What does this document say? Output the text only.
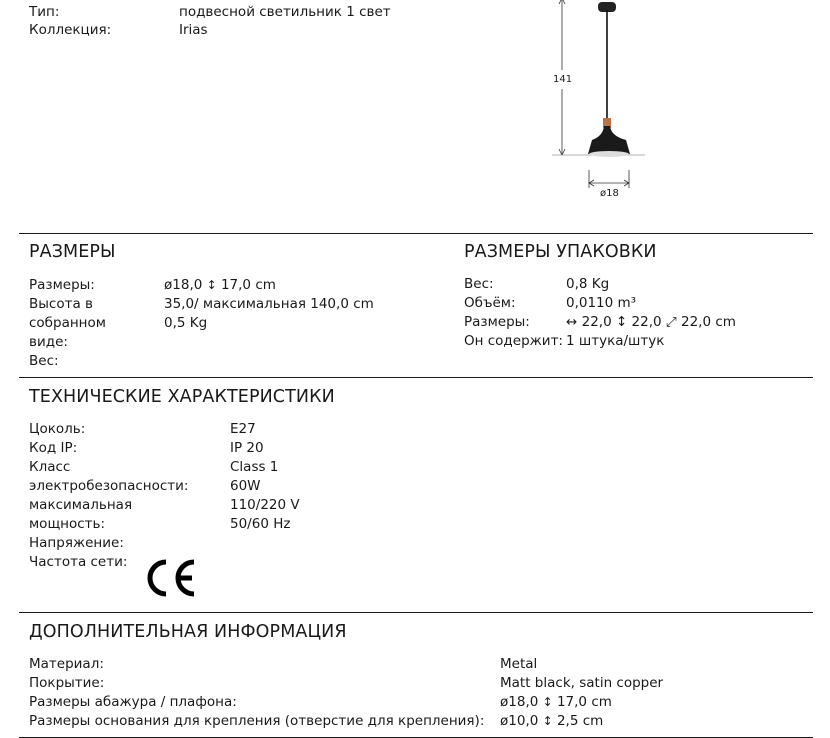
Тип:	подвесной светильник 1 свет
Коллекция:	Irias
141
ø18
РАЗМЕРЫ
Размеры:
Высота в
собранном
виде:
Вес:
ø18,0 ↕ 17,0 cm
35,0/ максимальная 140,0 cm
0,5 Kg
РАЗМЕРЫ УПАКОВКИ
Вес:
Объём:
Размеры:
Он содержит:
0,8 Kg
0,0110 m³
↔ 22,0 ↕ 22,0 ⤢ 22,0 cm
1 штука/штук
ТЕХНИЧЕСКИЕ ХАРАКТЕРИСТИКИ
Цоколь:
Код IP:
Класс
электробезопасности:
максимальная
мощность:
Напряжение:
Частота сети:
E27
IP 20
Class 1
60W
110/220 V
50/60 Hz
ДОПОЛНИТЕЛЬНАЯ ИНФОРМАЦИЯ
Материал:
Покрытие:
Размеры абажура / плафона:
Размеры основания для крепления (отверстие для крепления):
Metal
Matt black, satin copper
ø18,0 ↕ 17,0 cm
ø10,0 ↕ 2,5 cm
